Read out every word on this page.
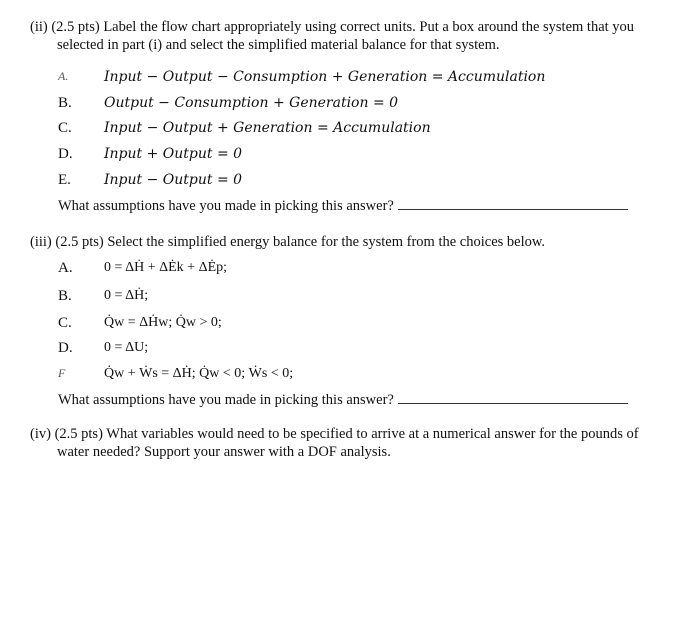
(ii) (2.5 pts) Label the flow chart appropriately using correct units. Put a box around the system that you selected in part (i) and select the simplified material balance for that system.
A.	Input − Output − Consumption + Generation = Accumulation
B.	Output − Consumption + Generation = 0
C.	Input − Output + Generation = Accumulation
D.	Input + Output = 0
E.	Input − Output = 0
What assumptions have you made in picking this answer?
(iii) (2.5 pts) Select the simplified energy balance for the system from the choices below.
A.	0 = ΔḢ + ΔĖk + ΔĖp;
B.	0 = ΔḢ;
C.	Q̇w = ΔḢw; Q̇w > 0;
D.	0 = ΔU;
F	Q̇w + Ẇs = ΔḢ; Q̇w < 0; Ẇs < 0;
What assumptions have you made in picking this answer?
(iv) (2.5 pts) What variables would need to be specified to arrive at a numerical answer for the pounds of water needed? Support your answer with a DOF analysis.
